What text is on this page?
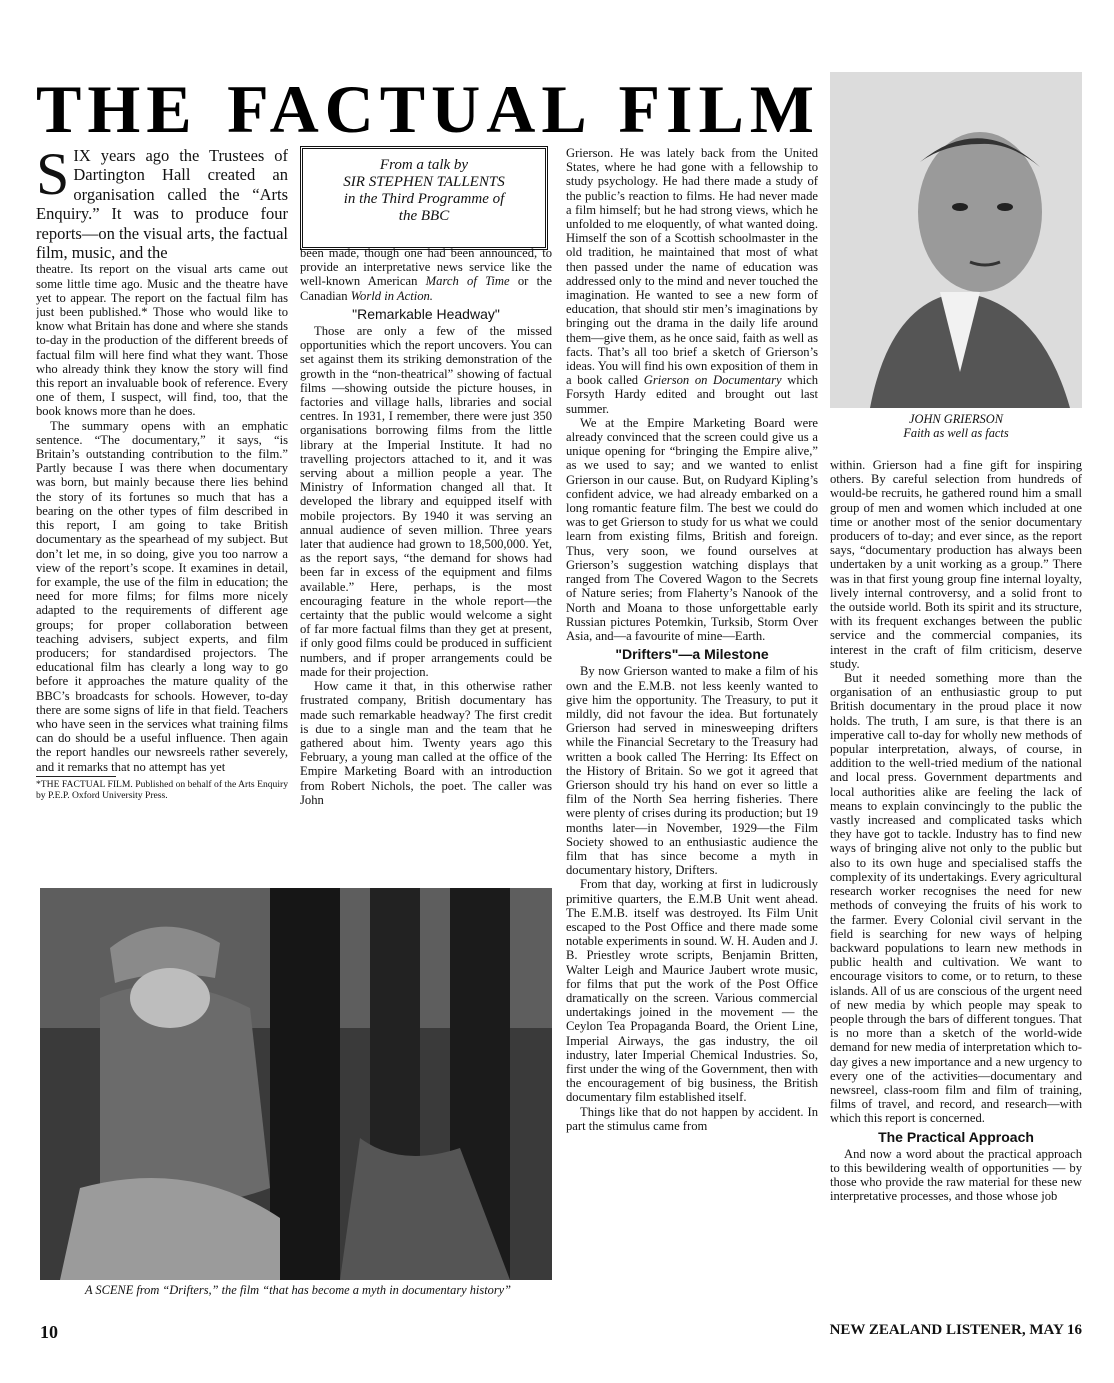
THE FACTUAL FILM

SIX years ago the Trustees of Dartington Hall created an organisation called the “Arts Enquiry.” It was to produce four reports—on the visual arts, the factual film, music, and the

theatre. Its report on the visual arts came out some little time ago. Music and the theatre have yet to appear. The report on the factual film has just been published.* Those who would like to know what Britain has done and where she stands to-day in the production of the different breeds of factual film will here find what they want. Those who already think they know the story will find this report an invaluable book of reference. Every one of them, I suspect, will find, too, that the book knows more than he does.

The summary opens with an emphatic sentence. “The documentary,” it says, “is Britain’s outstanding contribution to the film.” Partly because I was there when documentary was born, but mainly because there lies behind the story of its fortunes so much that has a bearing on the other types of film described in this report, I am going to take British documentary as the spearhead of my subject. But don’t let me, in so doing, give you too narrow a view of the report’s scope. It examines in detail, for example, the use of the film in education; the need for more films; for films more nicely adapted to the requirements of different age groups; for proper collaboration between teaching advisers, subject experts, and film producers; for standardised projectors. The educational film has clearly a long way to go before it approaches the mature quality of the BBC’s broadcasts for schools. However, to-day there are some signs of life in that field. Teachers who have seen in the services what training films can do should be a useful influence. Then again the report handles our newsreels rather severely, and it remarks that no attempt has yet

*THE FACTUAL FILM. Published on behalf of the Arts Enquiry by P.E.P. Oxford University Press.

From a talk by
SIR STEPHEN TALLENTS
in the Third Programme of
the BBC

been made, though one had been announced, to provide an interpretative news service like the well-known American March of Time or the Canadian World in Action.

"Remarkable Headway"

Those are only a few of the missed opportunities which the report uncovers. You can set against them its striking demonstration of the growth in the “non-theatrical” showing of factual films —showing outside the picture houses, in factories and village halls, libraries and social centres. In 1931, I remember, there were just 350 organisations borrowing films from the little library at the Imperial Institute. It had no travelling projectors attached to it, and it was serving about a million people a year. The Ministry of Information changed all that. It developed the library and equipped itself with mobile projectors. By 1940 it was serving an annual audience of seven million. Three years later that audience had grown to 18,500,000. Yet, as the report says, “the demand for shows had been far in excess of the equipment and films available.” Here, perhaps, is the most encouraging feature in the whole report—the certainty that the public would welcome a sight of far more factual films than they get at present, if only good films could be produced in sufficient numbers, and if proper arrangements could be made for their projection.

How came it that, in this otherwise rather frustrated company, British documentary has made such remarkable headway? The first credit is due to a single man and the team that he gathered about him. Twenty years ago this February, a young man called at the office of the Empire Marketing Board with an introduction from Robert Nichols, the poet. The caller was John

A SCENE from “Drifters,” the film “that has become a myth in documentary history”

Grierson. He was lately back from the United States, where he had gone with a fellowship to study psychology. He had there made a study of the public’s reaction to films. He had never made a film himself; but he had strong views, which he unfolded to me eloquently, of what wanted doing. Himself the son of a Scottish schoolmaster in the old tradition, he maintained that most of what then passed under the name of education was addressed only to the mind and never touched the imagination. He wanted to see a new form of education, that should stir men’s imaginations by bringing out the drama in the daily life around them—give them, as he once said, faith as well as facts. That’s all too brief a sketch of Grierson’s ideas. You will find his own exposition of them in a book called Grierson on Documentary which Forsyth Hardy edited and brought out last summer.

We at the Empire Marketing Board were already convinced that the screen could give us a unique opening for “bringing the Empire alive,” as we used to say; and we wanted to enlist Grierson in our cause. But, on Rudyard Kipling’s confident advice, we had already embarked on a long romantic feature film. The best we could do was to get Grierson to study for us what we could learn from existing films, British and foreign. Thus, very soon, we found ourselves at Grierson’s suggestion watching displays that ranged from The Covered Wagon to the Secrets of Nature series; from Flaherty’s Nanook of the North and Moana to those unforgettable early Russian pictures Potemkin, Turksib, Storm Over Asia, and—a favourite of mine—Earth.

"Drifters"—a Milestone

By now Grierson wanted to make a film of his own and the E.M.B. not less keenly wanted to give him the opportunity. The Treasury, to put it mildly, did not favour the idea. But fortunately Grierson had served in minesweeping drifters while the Financial Secretary to the Treasury had written a book called The Herring: Its Effect on the History of Britain. So we got it agreed that Grierson should try his hand on ever so little a film of the North Sea herring fisheries. There were plenty of crises during its production; but 19 months later—in November, 1929—the Film Society showed to an enthusiastic audience the film that has since become a myth in documentary history, Drifters.

From that day, working at first in ludicrously primitive quarters, the E.M.B Unit went ahead. The E.M.B. itself was destroyed. Its Film Unit escaped to the Post Office and there made some notable experiments in sound. W. H. Auden and J. B. Priestley wrote scripts, Benjamin Britten, Walter Leigh and Maurice Jaubert wrote music, for films that put the work of the Post Office dramatically on the screen. Various commercial undertakings joined in the movement — the Ceylon Tea Propaganda Board, the Orient Line, Imperial Airways, the gas industry, the oil industry, later Imperial Chemical Industries. So, first under the wing of the Government, then with the encouragement of big business, the British documentary film established itself.

Things like that do not happen by accident. In part the stimulus came from

JOHN GRIERSON
Faith as well as facts

within. Grierson had a fine gift for inspiring others. By careful selection from hundreds of would-be recruits, he gathered round him a small group of men and women which included at one time or another most of the senior documentary producers of to-day; and ever since, as the report says, “documentary production has always been undertaken by a unit working as a group.” There was in that first young group fine internal loyalty, lively internal controversy, and a solid front to the outside world. Both its spirit and its structure, with its frequent exchanges between the public service and the commercial companies, its interest in the craft of film criticism, deserve study.

But it needed something more than the organisation of an enthusiastic group to put British documentary in the proud place it now holds. The truth, I am sure, is that there is an imperative call to-day for wholly new methods of popular interpretation, always, of course, in addition to the well-tried medium of the national and local press. Government departments and local authorities alike are feeling the lack of means to explain convincingly to the public the vastly increased and complicated tasks which they have got to tackle. Industry has to find new ways of bringing alive not only to the public but also to its own huge and specialised staffs the complexity of its undertakings. Every agricultural research worker recognises the need for new methods of conveying the fruits of his work to the farmer. Every Colonial civil servant in the field is searching for new ways of helping backward populations to learn new methods in public health and cultivation. We want to encourage visitors to come, or to return, to these islands. All of us are conscious of the urgent need of new media by which people may speak to people through the bars of different tongues. That is no more than a sketch of the world-wide demand for new media of interpretation which to-day gives a new importance and a new urgency to every one of the activities—documentary and newsreel, class-room film and film of training, films of travel, and record, and research—with which this report is concerned.

The Practical Approach

And now a word about the practical approach to this bewildering wealth of opportunities — by those who provide the raw material for these new interpretative processes, and those whose job

10	NEW ZEALAND LISTENER, MAY 16
